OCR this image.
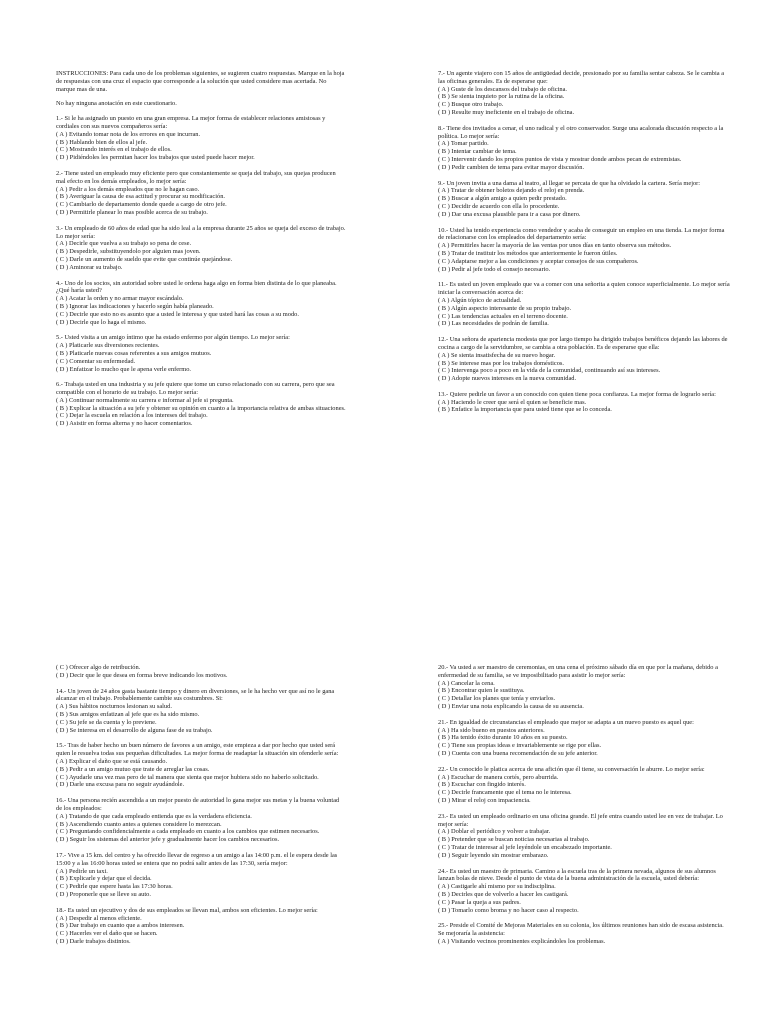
INSTRUCCIONES: Para cada uno de los problemas siguientes, se sugieren cuatro respuestas. Marque en la hoja de respuestas con una cruz el espacio que corresponde a la solución que usted considere mas acertada. No marque mas de una.

No hay ninguna anotación en este cuestionario.

1.- Si le ha asignado un puesto en una gran empresa. La mejor forma de establecer relaciones amistosas y cordiales con sus nuevos compañeros sería:
( A ) Evitando tomar nota de los errores en que incurran.
( B ) Hablando bien de ellos al jefe.
( C ) Mostrando interés en el trabajo de ellos.
( D ) Pidiéndoles les permitan hacer los trabajos que usted puede hacer mejor.
2.- Tiene usted un empleado muy eficiente pero que constantemente se queja del trabajo, sus quejas producen mal efecto en los demás empleados, lo mejor sería:
( A ) Pedir a los demás empleados que no le hagan caso.
( B ) Averiguar la causa de esa actitud y procurar su modificación.
( C ) Cambiarlo de departamento donde quede a cargo de otro jefe.
( D ) Permitirle planear lo mas posible acerca de su trabajo.
3.- Un empleado de 60 años de edad que ha sido leal a la empresa durante 25 años se queja del exceso de trabajo. Lo mejor sería:
( A ) Decirle que vuelva a su trabajo so pena de cese.
( B ) Despedirle, substituyendolo por alguien mas joven.
( C ) Darle un aumento de sueldo que evite que continúe quejándose.
( D ) Aminorar su trabajo.
4.- Uno de los socios, sin autoridad sobre usted le ordena haga algo en forma bien distinta de lo que planeaba. ¿Qué haría usted?
( A ) Acatar la orden y no armar mayor escándalo.
( B ) Ignorar las indicaciones y hacerlo según había planeado.
( C ) Decirle que esto no es asunto que a usted le interesa y que usted hará las cosas a su modo.
( D ) Decirle que lo haga el mismo.
5.- Usted visita a un amigo íntimo que ha estado enfermo por algún tiempo. Lo mejor sería:
( A ) Platicarle sus diversiones recientes.
( B ) Platicarle nuevas cosas referentes a sus amigos mutuos.
( C ) Comentar su enfermedad.
( D ) Enfatizar lo mucho que le apena verle enfermo.
6.- Trabaja usted en una industria y su jefe quiere que tome un curso relacionado con su carrera, pero que sea compatible con el horario de su trabajo. Lo mejor sería:
( A ) Continuar normalmente su carrera e informar al jefe si pregunta.
( B ) Explicar la situación a su jefe y obtener su opinión en cuanto a la importancia relativa de ambas situaciones.
( C ) Dejar la escuela en relación a los intereses del trabajo.
( D ) Asistir en forma alterna y no hacer comentarios.
7.- Un agente viajero con 15 años de antigüedad decide, presionado por su familia sentar cabeza. Se le cambia a las oficinas generales. Es de esperarse que:
( A ) Guste de los descansos del trabajo de oficina.
( B ) Se sienta inquieto por la rutina de la oficina.
( C ) Busque otro trabajo.
( D ) Resulte muy ineficiente en el trabajo de oficina.
8.- Tiene dos invitados a cenar, el uno radical y el otro conservador. Surge una acalorada discusión respecto a la política. Lo mejor sería:
( A ) Tomar partido.
( B ) Intentar cambiar de tema.
( C ) Intervenir dando los propios puntos de vista y mostrar donde ambos pecan de extremistas.
( D ) Pedir cambien de tema para evitar mayor discusión.
9.- Un joven invita a una dama al teatro, al llegar se percata de que ha olvidado la cartera. Sería mejor:
( A ) Tratar de obtener boletos dejando el reloj en prenda.
( B ) Buscar a algún amigo a quien pedir prestado.
( C ) Decidir de acuerdo con ella lo procedente.
( D ) Dar una excusa plausible para ir a casa por dinero.
10.- Usted ha tenido experiencia como vendedor y acaba de conseguir un empleo en una tienda. La mejor forma de relacionarse con los empleados del departamento sería:
( A ) Permitirles hacer la mayoría de las ventas por unos días en tanto observa sus métodos.
( B ) Tratar de instituir los métodos que anteriormente le fueron útiles.
( C ) Adaptarse mejor a las condiciones y aceptar consejos de sus compañeros.
( D ) Pedir al jefe todo el consejo necesario.
11.- Es usted un joven empleado que va a comer con una señorita a quien conoce superficialmente. Lo mejor sería iniciar la conversación acerca de:
( A ) Algún tópico de actualidad.
( B ) Algún aspecto interesante de su propio trabajo.
( C ) Las tendencias actuales en el terreno docente.
( D ) Las necesidades de podrán de familia.
12.- Una señora de apariencia modesta que por largo tiempo ha dirigido trabajos benéficos dejando las labores de cocina a cargo de la servidumbre, se cambia a otra población. Es de esperarse que ella:
( A ) Se sienta insatisfecha de su nuevo hogar.
( B ) Se interese mas por los trabajos domésticos.
( C ) Intervenga poco a poco en la vida de la comunidad, continuando así sus intereses.
( D ) Adopte nuevos intereses en la nueva comunidad.
13.- Quiere pedirle un favor a un conocido con quien tiene poca confianza. La mejor forma de lograrlo sería:
( A ) Haciendo le creer que será el quien se beneficie mas.
( B ) Enfatice la importancia que para usted tiene que se lo conceda.
( C ) Ofrecer algo de retribución.
( D ) Decir que le que desea en forma breve indicando los motivos.
14.- Un joven de 24 años gasta bastante tiempo y dinero en diversiones, se le ha hecho ver que así no le gana alcanzar en el trabajo. Probablemente cambie sus costumbres. Si:
( A ) Sus hábitos nocturnos lesionan su salud.
( B ) Sus amigos enfatizan al jefe que es ha sido mismo.
( C ) Su jefe se da cuenta y lo previene.
( D ) Se interesa en el desarrollo de alguna fase de su trabajo.
15.- Tras de haber hecho un buen número de favores a un amigo, este empieza a dar por hecho que usted será quien le resuelva todas sus pequeñas dificultades. La mejor forma de readaptar la situación sin ofenderle sería:
( A ) Explicar el daño que se está causando.
( B ) Pedir a un amigo mutuo que trate de arreglar las cosas.
( C ) Ayudarle una vez mas pero de tal manera que sienta que mejor hubiera sido no haberlo solicitado.
( D ) Darle una excusa para no seguir ayudándole.
16.- Una persona recién ascendida a un mejor puesto de autoridad lo gana mejor sus metas y la buena voluntad de los empleados:
( A ) Tratando de que cada empleado entienda que es la verdadera eficiencia.
( B ) Ascendiendo cuanto antes a quienes considere lo merezcan.
( C ) Preguntando confidencialmente a cada empleado en cuanto a los cambios que estimen necesarios.
( D ) Seguir los sistemas del anterior jefe y gradualmente hacer los cambios necesarios.
17.- Vive a 15 km. del centro y ha ofrecido llevar de regreso a un amigo a las 14:00 p.m. el le espera desde las 15:00 y a las 16:00 horas usted se entera que no podrá salir antes de las 17:30, sería mejor:
( A ) Pedirle un taxi.
( B ) Explicarle y dejar que el decida.
( C ) Pedirle que espere hasta las 17:30 horas.
( D ) Proponerle que se lleve su auto.
18.- Es usted un ejecutivo y dos de sus empleados se llevan mal, ambos son eficientes. Lo mejor sería:
( A ) Despedir al menos eficiente.
( B ) Dar trabajo en cuanto que a ambos interesen.
( C ) Hacerles ver el daño que se hacen.
( D ) Darle trabajos distintos.
20.- Va usted a ser maestro de ceremonias, en una cena el próximo sábado día en que por la mañana, debido a enfermedad de su familia, se ve imposibilitado para asistir lo mejor sería:
( A ) Cancelar la cena.
( B ) Encontrar quien le sustituya.
( C ) Detallar los planes que tenía y enviarlos.
( D ) Enviar una nota explicando la causa de su ausencia.
21.- En igualdad de circunstancias el empleado que mejor se adapta a un nuevo puesto es aquel que:
( A ) Ha sido bueno en puestos anteriores.
( B ) Ha tenido éxito durante 10 años en su puesto.
( C ) Tiene sus propias ideas e invariablemente se rige por ellas.
( D ) Cuenta con una buena recomendación de su jefe anterior.
22.- Un conocido le platica acerca de una afición que él tiene, su conversación le aburre. Lo mejor sería:
( A ) Escuchar de manera cortés, pero aburrida.
( B ) Escuchar con fingido interés.
( C ) Decirle francamente que el tema no le interesa.
( D ) Mirar el reloj con impaciencia.
23.- Es usted un empleado ordinario en una oficina grande. El jefe entra cuando usted lee en vez de trabajar. Lo mejor sería:
( A ) Doblar el periódico y volver a trabajar.
( B ) Pretender que se buscan noticias necesarias al trabajo.
( C ) Tratar de interesar al jefe leyéndole un encabezado importante.
( D ) Seguir leyendo sin mostrar embarazo.
24.- Es usted un maestro de primaria. Camino a la escuela tras de la primera nevada, algunos de sus alumnos lanzan bolas de nieve. Desde el punto de vista de la buena administración de la escuela, usted debería:
( A ) Castigarle ahí mismo por su indisciplina.
( B ) Decirles que de volverlo a hacer les castigará.
( C ) Pasar la queja a sus padres.
( D ) Tomarlo como broma y no hacer caso al respecto.
25.- Preside el Comité de Mejoras Materiales en su colonia, los últimos reuniones han sido de escasa asistencia. Se mejoraría la asistencia:
( A ) Visitando vecinos prominentes explicándoles los problemas.
